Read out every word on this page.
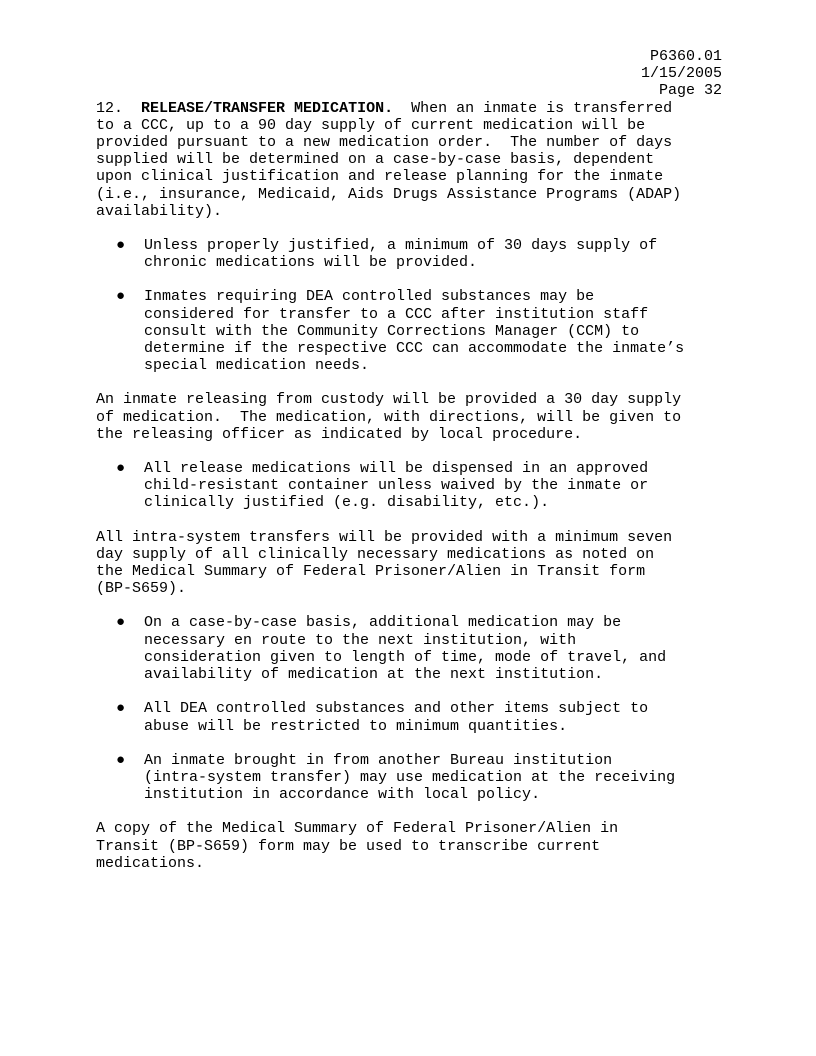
P6360.01
1/15/2005
Page 32

12. RELEASE/TRANSFER MEDICATION.  When an inmate is transferred

to a CCC, up to a 90 day supply of current medication will be

provided pursuant to a new medication order.  The number of days

supplied will be determined on a case-by-case basis, dependent

upon clinical justification and release planning for the inmate

(i.e., insurance, Medicaid, Aids Drugs Assistance Programs (ADAP)

availability).

● Unless properly justified, a minimum of 30 days supply of
chronic medications will be provided.
● Inmates requiring DEA controlled substances may be
considered for transfer to a CCC after institution staff
consult with the Community Corrections Manager (CCM) to
determine if the respective CCC can accommodate the inmate’s
special medication needs.

An inmate releasing from custody will be provided a 30 day supply
of medication.  The medication, with directions, will be given to
the releasing officer as indicated by local procedure.

● All release medications will be dispensed in an approved
child-resistant container unless waived by the inmate or
clinically justified (e.g. disability, etc.).

All intra-system transfers will be provided with a minimum seven
day supply of all clinically necessary medications as noted on
the Medical Summary of Federal Prisoner/Alien in Transit form
(BP-S659).

● On a case-by-case basis, additional medication may be
necessary en route to the next institution, with
consideration given to length of time, mode of travel, and
availability of medication at the next institution.
● All DEA controlled substances and other items subject to
abuse will be restricted to minimum quantities.
● An inmate brought in from another Bureau institution
(intra-system transfer) may use medication at the receiving
institution in accordance with local policy.

A copy of the Medical Summary of Federal Prisoner/Alien in
Transit (BP-S659) form may be used to transcribe current
medications.
